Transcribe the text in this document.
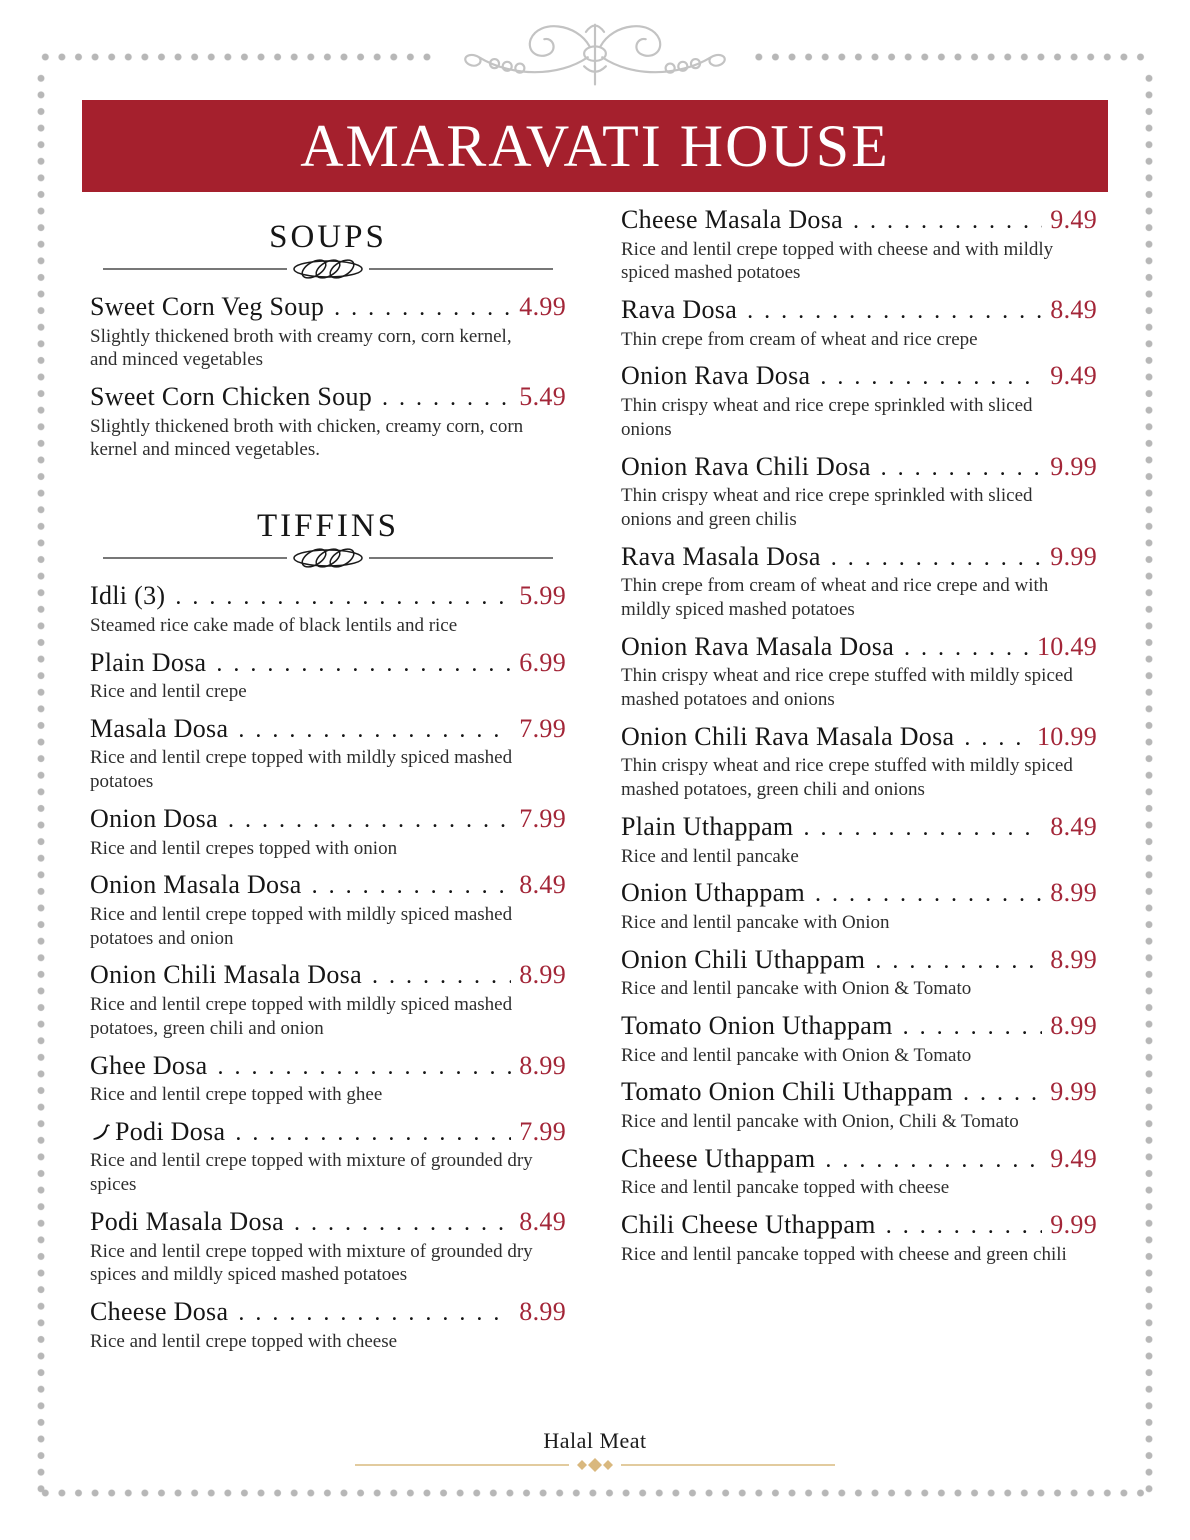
AMARAVATI HOUSE
SOUPS
Sweet Corn Veg Soup .....	4.99
Slightly thickened broth with creamy corn, corn kernel, and minced vegetables
Sweet Corn Chicken Soup .....	5.49
Slightly thickened broth with chicken, creamy corn, corn kernel and minced vegetables.
TIFFINS
Idli (3) .....	5.99
Steamed rice cake made of black lentils and rice
Plain Dosa .....	6.99
Rice and lentil crepe
Masala Dosa .....	7.99
Rice and lentil crepe topped with mildly spiced mashed potatoes
Onion Dosa .....	7.99
Rice and lentil crepes topped with onion
Onion Masala Dosa .....	8.49
Rice and lentil crepe topped with mildly spiced mashed potatoes and onion
Onion Chili Masala Dosa .....	8.99
Rice and lentil crepe topped with mildly spiced mashed potatoes, green chili and onion
Ghee Dosa .....	8.99
Rice and lentil crepe topped with ghee
Podi Dosa .....	7.99
Rice and lentil crepe topped with mixture of grounded dry spices
Podi Masala Dosa .....	8.49
Rice and lentil crepe topped with mixture of grounded dry spices and mildly spiced mashed potatoes
Cheese Dosa .....	8.99
Rice and lentil crepe topped with cheese
Cheese Masala Dosa .....	9.49
Rice and lentil crepe topped with cheese and with mildly spiced mashed potatoes
Rava Dosa .....	8.49
Thin crepe from cream of wheat and rice crepe
Onion Rava Dosa .....	9.49
Thin crispy wheat and rice crepe sprinkled with sliced onions
Onion Rava Chili Dosa .....	9.99
Thin crispy wheat and rice crepe sprinkled with sliced onions and green chilis
Rava Masala Dosa .....	9.99
Thin crepe from cream of wheat and rice crepe and with mildly spiced mashed potatoes
Onion Rava Masala Dosa .....	10.49
Thin crispy wheat and rice crepe stuffed with mildly spiced mashed potatoes and onions
Onion Chili Rava Masala Dosa .....	10.99
Thin crispy wheat and rice crepe stuffed with mildly spiced mashed potatoes, green chili and onions
Plain Uthappam .....	8.49
Rice and lentil pancake
Onion Uthappam .....	8.99
Rice and lentil pancake with Onion
Onion Chili Uthappam .....	8.99
Rice and lentil pancake with Onion & Tomato
Tomato Onion Uthappam .....	8.99
Rice and lentil pancake with Onion & Tomato
Tomato Onion Chili Uthappam .....	9.99
Rice and lentil pancake with Onion, Chili & Tomato
Cheese Uthappam .....	9.49
Rice and lentil pancake topped with cheese
Chili Cheese Uthappam .....	9.99
Rice and lentil pancake topped with cheese and green chili
Halal Meat
